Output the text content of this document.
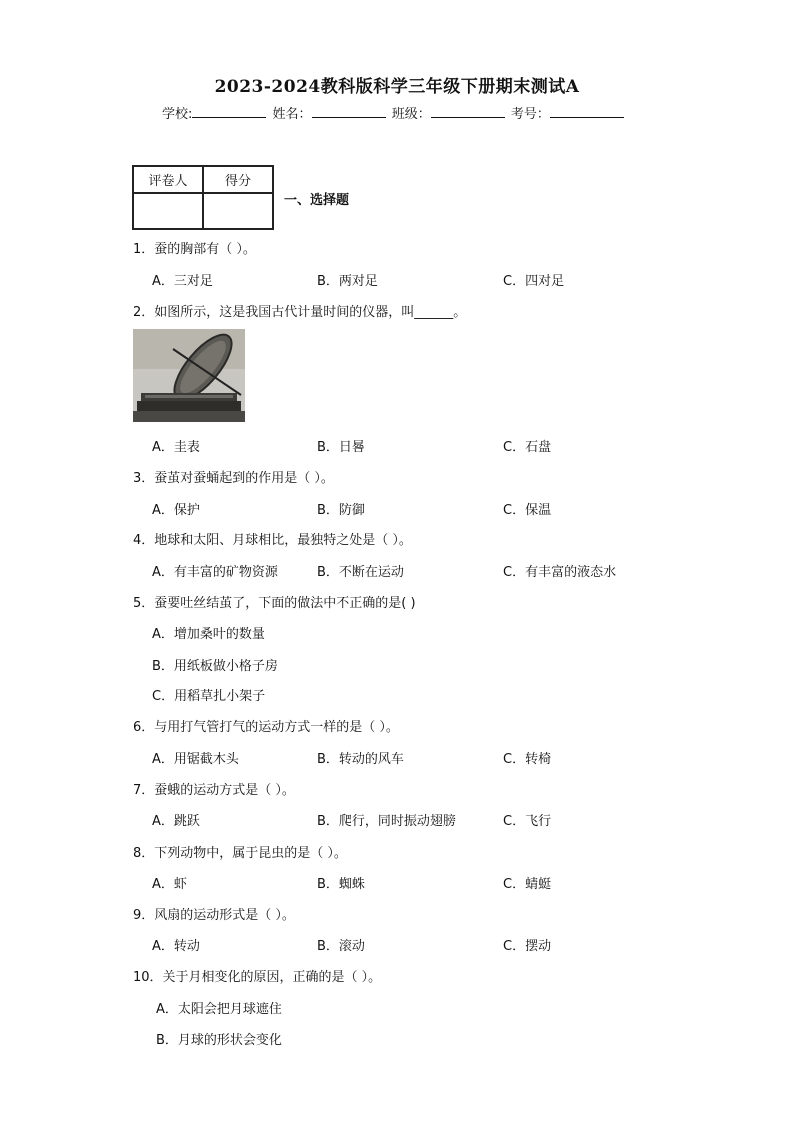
2023-2024教科版科学三年级下册期末测试A
学校:	姓名：	班级：	考号：
评卷人	得分

一、选择题
1．蚕的胸部有（ ）。
A．三对足	B．两对足	C．四对足
2．如图所示，这是我国古代计量时间的仪器，叫______。
A．圭表	B．日晷	C．石盘
3．蚕茧对蚕蛹起到的作用是（ ）。
A．保护	B．防御	C．保温
4．地球和太阳、月球相比，最独特之处是（ ）。
A．有丰富的矿物资源	B．不断在运动	C．有丰富的液态水
5．蚕要吐丝结茧了，下面的做法中不正确的是( )
A．增加桑叶的数量
B．用纸板做小格子房
C．用稻草扎小架子
6．与用打气管打气的运动方式一样的是（ ）。
A．用锯截木头	B．转动的风车	C．转椅
7．蚕蛾的运动方式是（ ）。
A．跳跃	B．爬行，同时振动翅膀	C．飞行
8．下列动物中，属于昆虫的是（ ）。
A．虾	B．蜘蛛	C．蜻蜓
9．风扇的运动形式是（ ）。
A．转动	B．滚动	C．摆动
10．关于月相变化的原因，正确的是（ ）。
A．太阳会把月球遮住
B．月球的形状会变化
